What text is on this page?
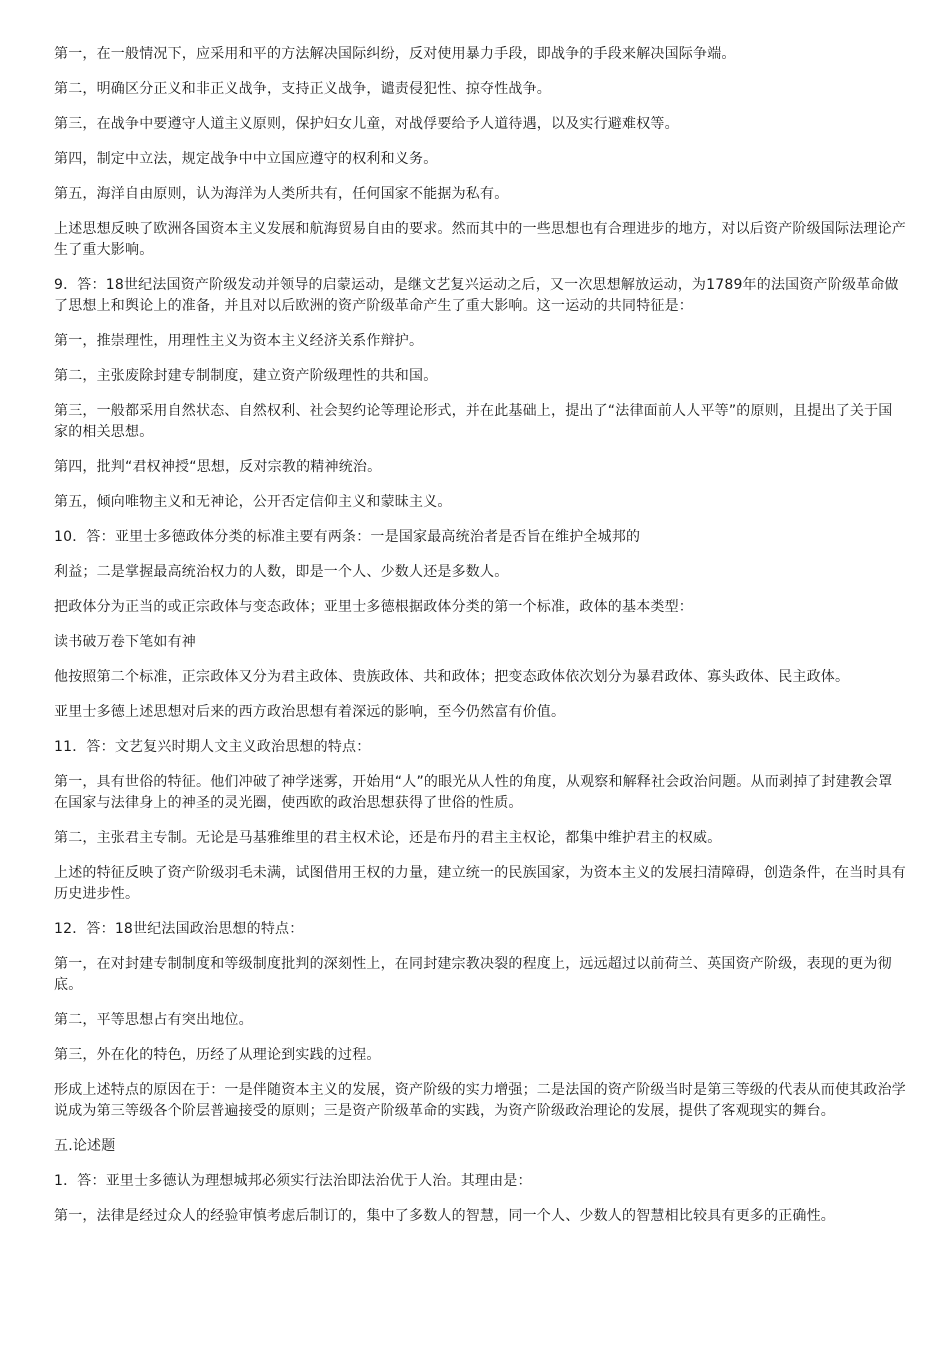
第一，在一般情况下，应采用和平的方法解决国际纠纷，反对使用暴力手段，即战争的手段来解决国际争端。

第二，明确区分正义和非正义战争，支持正义战争，谴责侵犯性、掠夺性战争。

第三，在战争中要遵守人道主义原则，保护妇女儿童，对战俘要给予人道待遇，以及实行避难权等。

第四，制定中立法，规定战争中中立国应遵守的权利和义务。

第五，海洋自由原则，认为海洋为人类所共有，任何国家不能据为私有。

上述思想反映了欧洲各国资本主义发展和航海贸易自由的要求。然而其中的一些思想也有合理进步的地方，对以后资产阶级国际法理论产生了重大影响。

9．答：18世纪法国资产阶级发动并领导的启蒙运动，是继文艺复兴运动之后，又一次思想解放运动，为1789年的法国资产阶级革命做了思想上和舆论上的准备，并且对以后欧洲的资产阶级革命产生了重大影响。这一运动的共同特征是：

第一，推崇理性，用理性主义为资本主义经济关系作辩护。

第二，主张废除封建专制制度，建立资产阶级理性的共和国。

第三，一般都采用自然状态、自然权利、社会契约论等理论形式，并在此基础上，提出了“法律面前人人平等”的原则，且提出了关于国家的相关思想。

第四，批判“君权神授“思想，反对宗教的精神统治。

第五，倾向唯物主义和无神论，公开否定信仰主义和蒙昧主义。

10．答：亚里士多德政体分类的标准主要有两条：一是国家最高统治者是否旨在维护全城邦的

利益；二是掌握最高统治权力的人数，即是一个人、少数人还是多数人。

把政体分为正当的或正宗政体与变态政体；亚里士多德根据政体分类的第一个标准，政体的基本类型：

读书破万卷下笔如有神

他按照第二个标准，正宗政体又分为君主政体、贵族政体、共和政体；把变态政体依次划分为暴君政体、寡头政体、民主政体。

亚里士多德上述思想对后来的西方政治思想有着深远的影响，至今仍然富有价值。

11．答：文艺复兴时期人文主义政治思想的特点：

第一，具有世俗的特征。他们冲破了神学迷雾，开始用“人”的眼光从人性的角度，从观察和解释社会政治问题。从而剥掉了封建教会罩在国家与法律身上的神圣的灵光圈，使西欧的政治思想获得了世俗的性质。

第二，主张君主专制。无论是马基雅维里的君主权术论，还是布丹的君主主权论，都集中维护君主的权威。

上述的特征反映了资产阶级羽毛未满，试图借用王权的力量，建立统一的民族国家，为资本主义的发展扫清障碍，创造条件，在当时具有历史进步性。

12．答：18世纪法国政治思想的特点：

第一，在对封建专制制度和等级制度批判的深刻性上，在同封建宗教决裂的程度上，远远超过以前荷兰、英国资产阶级，表现的更为彻底。

第二，平等思想占有突出地位。

第三，外在化的特色，历经了从理论到实践的过程。

形成上述特点的原因在于：一是伴随资本主义的发展，资产阶级的实力增强；二是法国的资产阶级当时是第三等级的代表从而使其政治学说成为第三等级各个阶层普遍接受的原则；三是资产阶级革命的实践，为资产阶级政治理论的发展，提供了客观现实的舞台。

五.论述题

1．答：亚里士多德认为理想城邦必须实行法治即法治优于人治。其理由是：

第一，法律是经过众人的经验审慎考虑后制订的，集中了多数人的智慧，同一个人、少数人的智慧相比较具有更多的正确性。
